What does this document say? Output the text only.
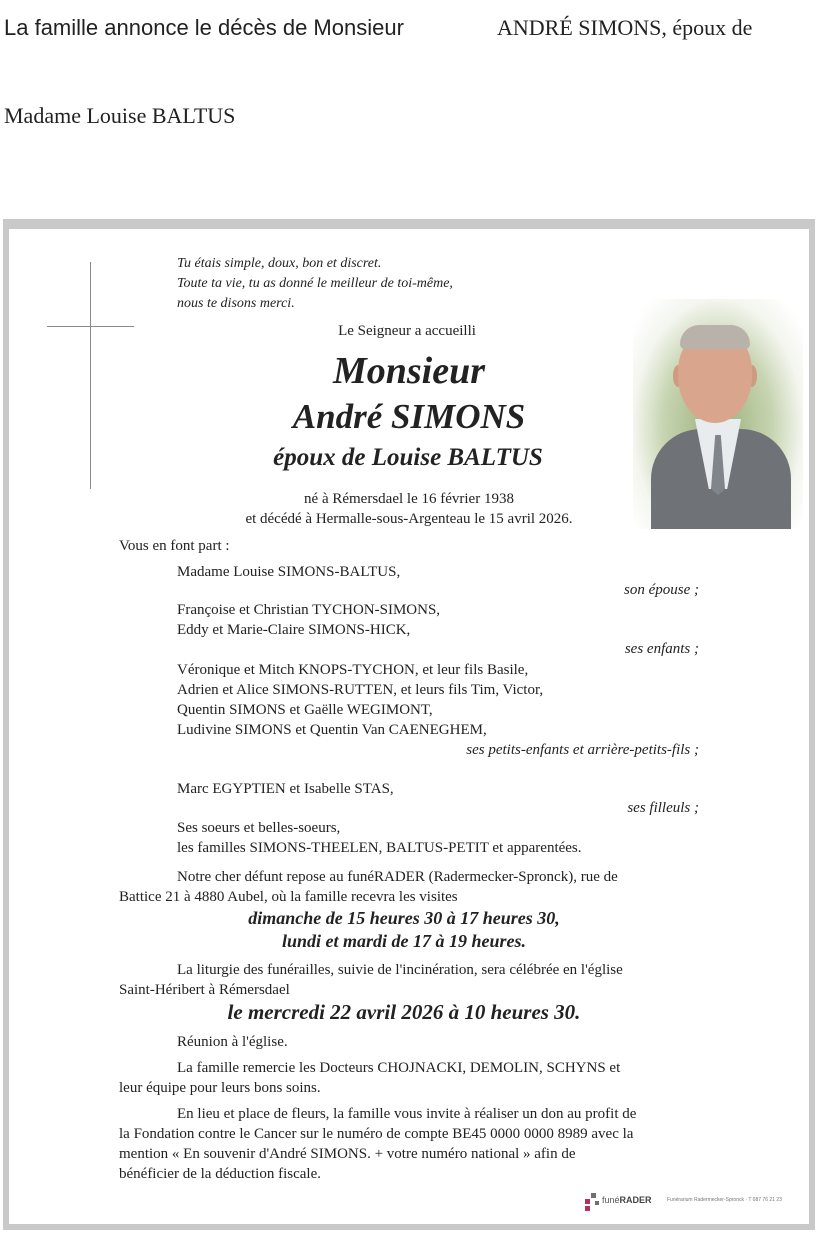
La famille annonce le décès de Monsieur	ANDRÉ SIMONS, époux de
Madame Louise BALTUS
Tu étais simple, doux, bon et discret.
Toute ta vie, tu as donné le meilleur de toi-même,
nous te disons merci.
Le Seigneur a accueilli
Monsieur
André SIMONS
époux de Louise BALTUS
né à Rémersdael le 16 février 1938
et décédé à Hermalle-sous-Argenteau le 15 avril 2026.
Vous en font part :
Madame Louise SIMONS-BALTUS,
son épouse ;
Françoise et Christian TYCHON-SIMONS,
Eddy et Marie-Claire SIMONS-HICK,
ses enfants ;
Véronique et Mitch KNOPS-TYCHON, et leur fils Basile,
Adrien et Alice SIMONS-RUTTEN, et leurs fils Tim, Victor,
Quentin SIMONS et Gaëlle WEGIMONT,
Ludivine SIMONS et Quentin Van CAENEGHEM,
ses petits-enfants et arrière-petits-fils ;
Marc EGYPTIEN et Isabelle STAS,
ses filleuls ;
Ses soeurs et belles-soeurs,
les familles SIMONS-THEELEN, BALTUS-PETIT et apparentées.
Notre cher défunt repose au funéRADER (Radermecker-Spronck), rue de
Battice 21 à 4880 Aubel, où la famille recevra les visites
dimanche de 15 heures 30 à 17 heures 30,
lundi et mardi de 17 à 19 heures.
La liturgie des funérailles, suivie de l'incinération, sera célébrée en l'église
Saint-Héribert à Rémersdael
le mercredi 22 avril 2026 à 10 heures 30.
Réunion à l'église.
La famille remercie les Docteurs CHOJNACKI, DEMOLIN, SCHYNS et
leur équipe pour leurs bons soins.
En lieu et place de fleurs, la famille vous invite à réaliser un don au profit de
la Fondation contre le Cancer sur le numéro de compte BE45 0000 0000 8989 avec la
mention « En souvenir d'André SIMONS. + votre numéro national » afin de
bénéficier de la déduction fiscale.
funéRADER	Funérarium Radermecker-Spronck · T 087 76 21 23
